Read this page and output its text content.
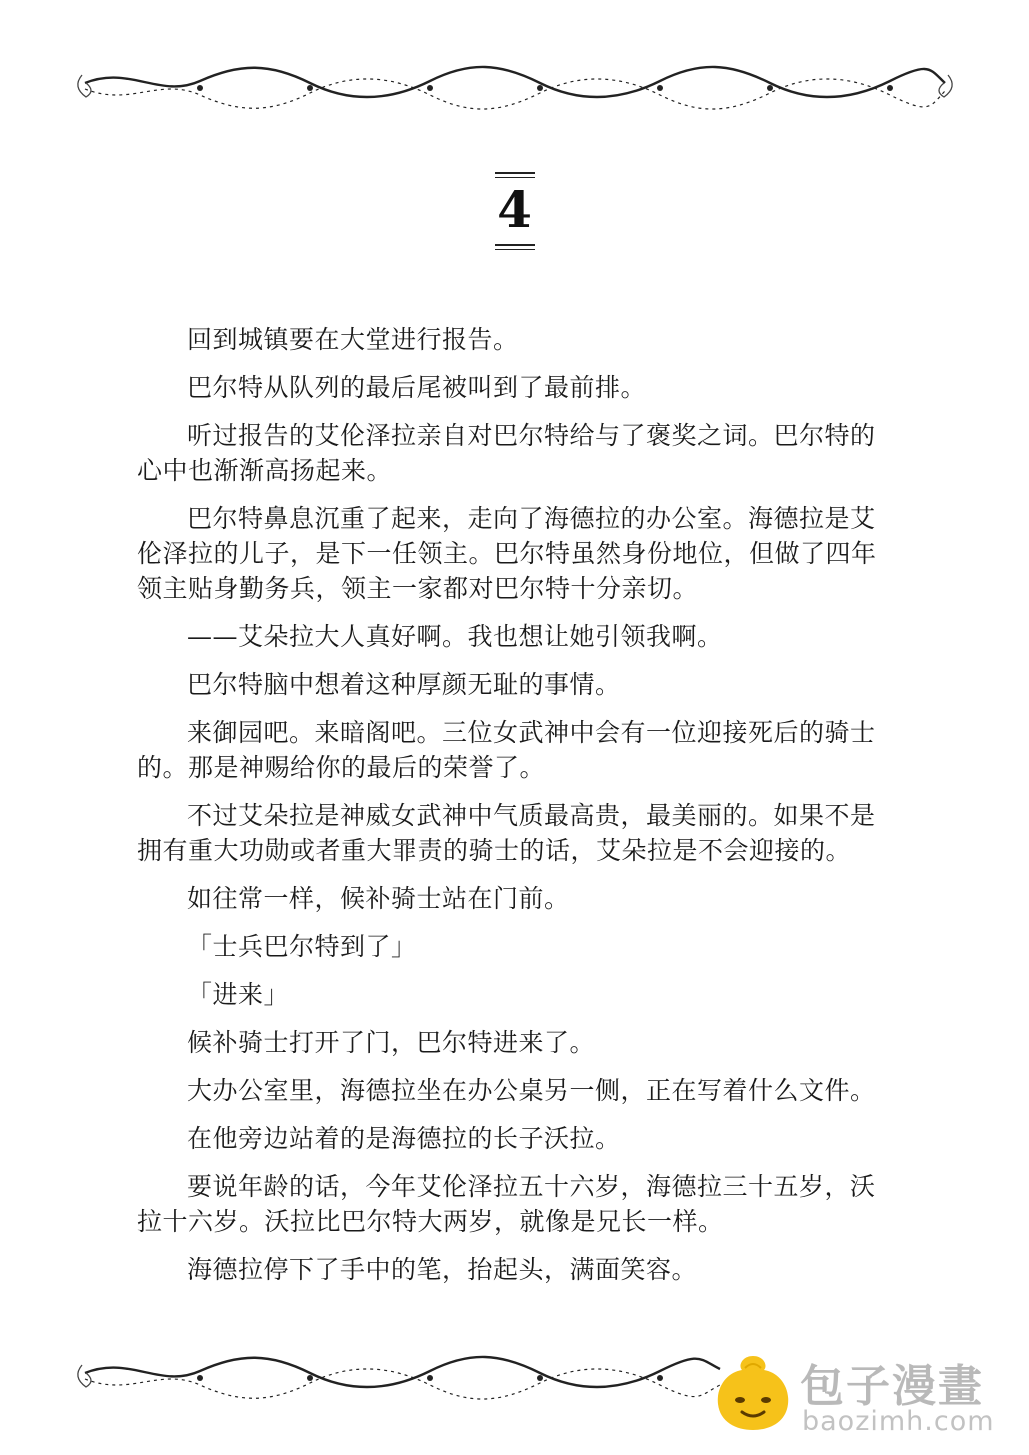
4

回到城镇要在大堂进行报告。

巴尔特从队列的最后尾被叫到了最前排。

听过报告的艾伦泽拉亲自对巴尔特给与了褒奖之词。巴尔特的心中也渐渐高扬起来。

巴尔特鼻息沉重了起来，走向了海德拉的办公室。海德拉是艾伦泽拉的儿子，是下一任领主。巴尔特虽然身份地位，但做了四年领主贴身勤务兵，领主一家都对巴尔特十分亲切。

——艾朵拉大人真好啊。我也想让她引领我啊。

巴尔特脑中想着这种厚颜无耻的事情。

来御园吧。来暗阁吧。三位女武神中会有一位迎接死后的骑士的。那是神赐给你的最后的荣誉了。

不过艾朵拉是神威女武神中气质最高贵，最美丽的。如果不是拥有重大功勋或者重大罪责的骑士的话，艾朵拉是不会迎接的。

如往常一样，候补骑士站在门前。

「士兵巴尔特到了」

「进来」

候补骑士打开了门，巴尔特进来了。

大办公室里，海德拉坐在办公桌另一侧，正在写着什么文件。

在他旁边站着的是海德拉的长子沃拉。

要说年龄的话，今年艾伦泽拉五十六岁，海德拉三十五岁，沃拉十六岁。沃拉比巴尔特大两岁，就像是兄长一样。

海德拉停下了手中的笔，抬起头，满面笑容。

包子漫畫
baozimh.com
